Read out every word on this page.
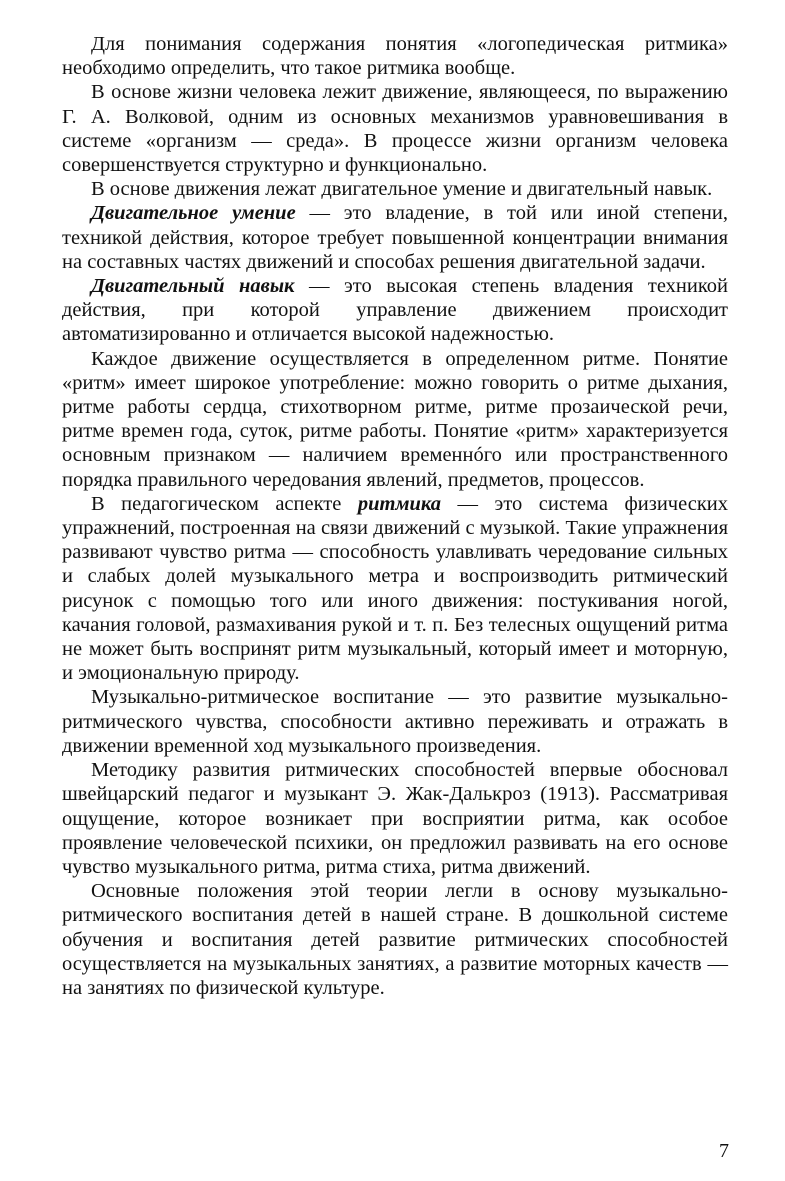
Для понимания содержания понятия «логопедическая ритмика» необходимо определить, что такое ритмика вообще.

В основе жизни человека лежит движение, являющееся, по выражению Г. А. Волковой, одним из основных механизмов уравновешивания в системе «организм — среда». В процессе жизни организм человека совершенствуется структурно и функционально.

В основе движения лежат двигательное умение и двигательный навык.

Двигательное умение — это владение, в той или иной степени, техникой действия, которое требует повышенной концентрации внимания на составных частях движений и способах решения двигательной задачи.

Двигательный навык — это высокая степень владения техникой действия, при которой управление движением происходит автоматизированно и отличается высокой надежностью.

Каждое движение осуществляется в определенном ритме. Понятие «ритм» имеет широкое употребление: можно говорить о ритме дыхания, ритме работы сердца, стихотворном ритме, ритме прозаической речи, ритме времен года, суток, ритме работы. Понятие «ритм» характеризуется основным признаком — наличием временнóго или пространственного порядка правильного чередования явлений, предметов, процессов.

В педагогическом аспекте ритмика — это система физических упражнений, построенная на связи движений с музыкой. Такие упражнения развивают чувство ритма — способность улавливать чередование сильных и слабых долей музыкального метра и воспроизводить ритмический рисунок с помощью того или иного движения: постукивания ногой, качания головой, размахивания рукой и т. п. Без телесных ощущений ритма не может быть воспринят ритм музыкальный, который имеет и моторную, и эмоциональную природу.

Музыкально-ритмическое воспитание — это развитие музыкально-ритмического чувства, способности активно переживать и отражать в движении временной ход музыкального произведения.

Методику развития ритмических способностей впервые обосновал швейцарский педагог и музыкант Э. Жак-Далькроз (1913). Рассматривая ощущение, которое возникает при восприятии ритма, как особое проявление человеческой психики, он предложил развивать на его основе чувство музыкального ритма, ритма стиха, ритма движений.

Основные положения этой теории легли в основу музыкально-ритмического воспитания детей в нашей стране. В дошкольной системе обучения и воспитания детей развитие ритмических способностей осуществляется на музыкальных занятиях, а развитие моторных качеств — на занятиях по физической культуре.

7
